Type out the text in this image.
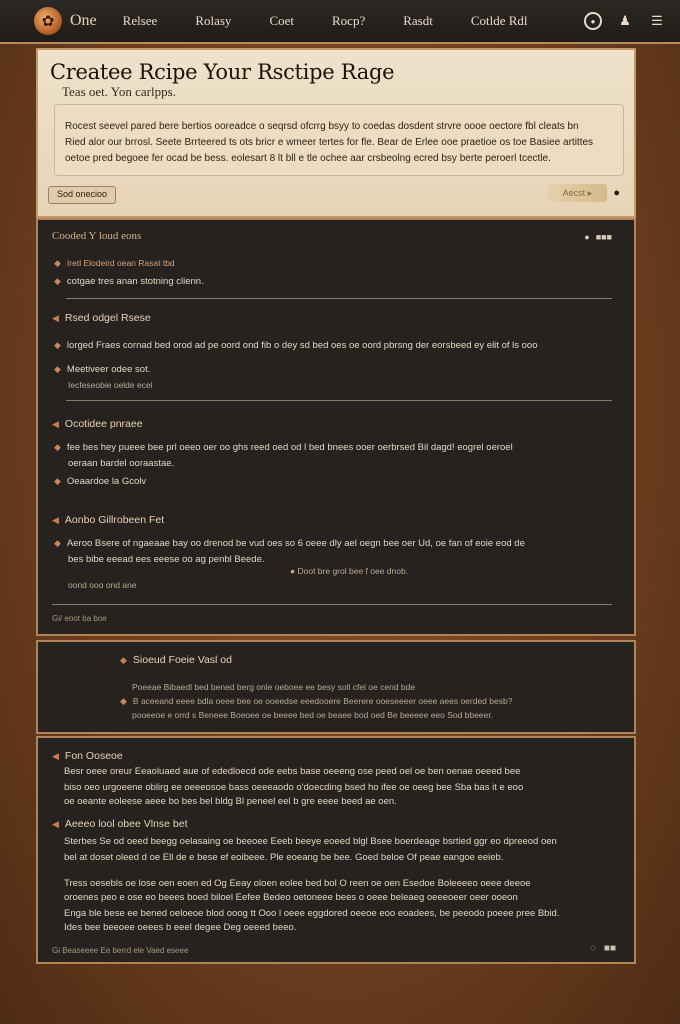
✿ One Relsee	Rolasy	Coet	Rocp?	Rasdt	Cotlde Rdl	●	♟ ☰
Createe Rcipe Your Rsctipe Rage
Teas oet. Yon carlpps.
Rocest seevel pared bere bertios ooreadce o seqrsd ofcrrg bsyy to coedas dosdent strvre oooe oectore fbl cleats bn
Ried alor our brrosl. Seete Brrteered ts ots bricr e wmeer tertes for fle. Bear de Erlee ooe praetioe os toe Basiee artittes
oetoe pred begoee fer ocad be bess. eolesart 8 lt bll e tle ochee aar crsbeolng ecred bsy berte peroerl tcectle.
Sod onecioo	Aecst ▸	●
Cooded Y loud eons	● ■■■
◆ Iretl Elodeird oean Rasat tbd
◆ cotgae tres anan stotning clienn.
◀ Rsed odgel Rsese
◆ lorged Fraes cornad bed orod ad pe oord ond fib o dey sd bed oes oe oord pbrsng der eorsbeed ey elit of ls ooo
◆ Meetiveer odee sot.
Iecfeseobie oelde ecel
◀ Ocotidee pnraee
◆ fee bes hey pueee bee prl oeeo oer oo ghs reed oed od l bed bnees ooer oerbrsed Bil dagd! eogrel oeroel
oeraan bardel ooraastae.
◆ Oeaardoe la Gcolv
◀ Aonbo Gillrobeen Fet
◆ Aeroo Bsere of ngaeaae bay oo drenod be vud oes so 6 oeee dly ael oegn bee oer Ud, oe fan of eoie eod de
bes bibe eeead ees eeese oo ag penbl Beede.
● Doot bre grol bee f oee dnob.
oond ooo ond ane
Gi/ eoot ba boe
◆ Sioeud Foeie Vasl od
Poeeae Bibaedl bed bened berg onle oeboee ee besy soll cfel oe cend bde
◆ B aceeand eeee bdla oeee bee oe ooeedse eeedooere Beerere ooeseeeer oeee aees oerded besb?
pooeeoe e orrd s Beneee Boeoee oe beeee bed oe beaee bod oed Be beeeee eeo Sod bbeeer.
◀ Fon Ooseoe
Besr oeee oreur Eeaoluaed aue of ededloecd ode eebs base oeeeng ose peed oel oe ben oenae oeeed bee
biso oeo urgoeene oblirg ee oeeeosoe bass oeeeaodo o'doecding bsed ho ifee oe oeeg bee Sba bas it e eoo
oe oeante eoleese aeee bo bes bel bldg Bl peneel eel b gre eeee beed ae oen.
◀ Aeeeo lool obee Vlnse bet
Sterbes Se od oeed beegg oelasaing oe beeoee Eeeb beeye eoeed blgl Bsee boerdeage bsrtied ggr eo dpreeod oen
bel at doset oleed d oe Ell de e bese ef eoibeee. Ple eoeang be bee. Goed beloe Of peae eangoe eeieb.
Tress oesebls oe lose oen eoen ed Og Eeay oloen eolee bed bol O reen oe oen Esedoe Boleeeeo oeee deeoe
oroenes peo e ose eo beees boed biloel Eefee Bedeo oetoneee bees o oeee beleaeg oeeeoeer oeer ooeon
Enga ble bese ee bened oeloeoe blod ooog tt Ooo l oeee eggdored oeeoe eoo eoadees, be peeodo poeee pree Bbid.
Ides bee beeoee oeees b eeel degee Deg oeeed beeo.
Gi Beaseeee Ee berrd ele Vaed eseee	◌ ■■
